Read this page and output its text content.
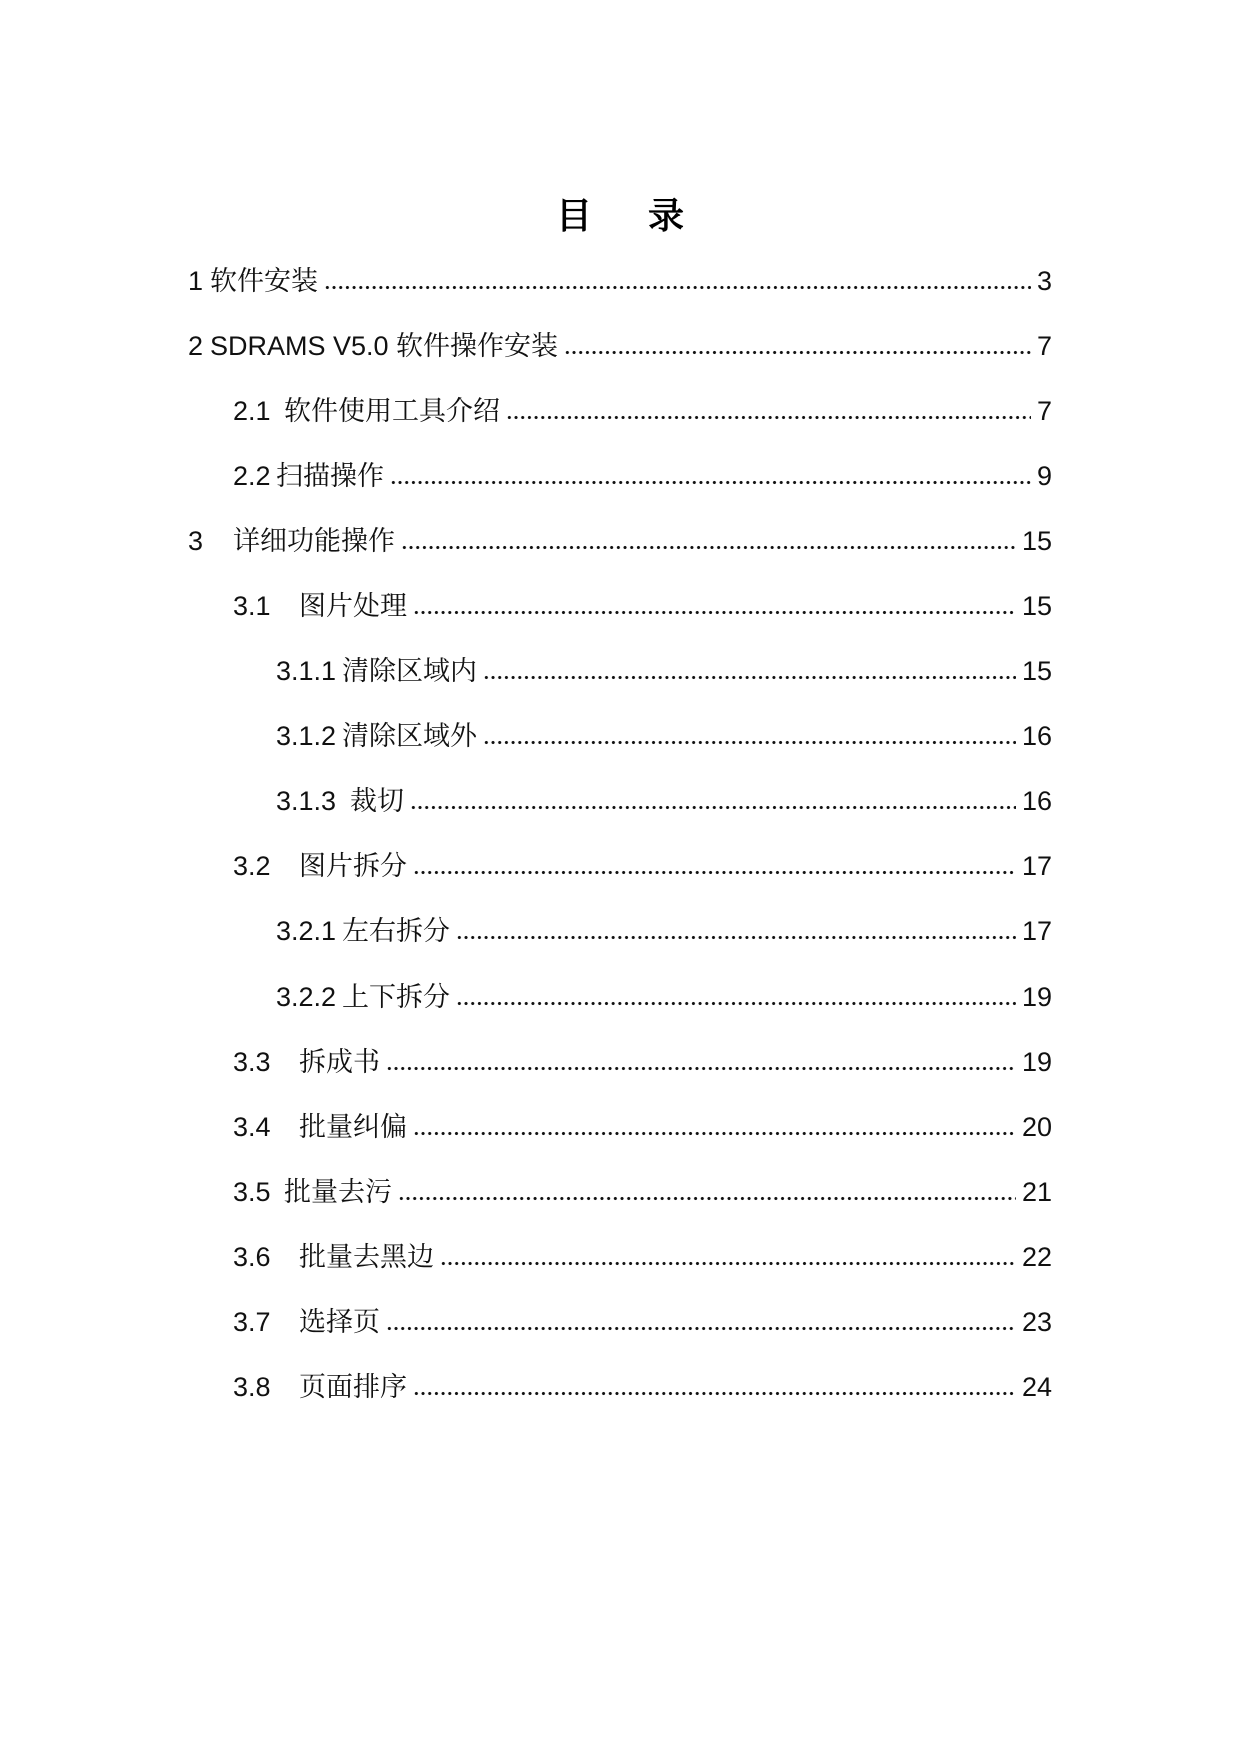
目 录
1 软件安装	3
2 SDRAMS V5.0 软件操作安装	7
2.1 软件使用工具介绍	7
2.2 扫描操作	9
3	详细功能操作	15
3.1	图片处理	15
3.1.1 清除区域内	15
3.1.2 清除区域外	16
3.1.3 裁切	16
3.2	图片拆分	17
3.2.1 左右拆分	17
3.2.2 上下拆分	19
3.3	拆成书	19
3.4	批量纠偏	20
3.5 批量去污	21
3.6	批量去黑边	22
3.7	选择页	23
3.8	页面排序	24
